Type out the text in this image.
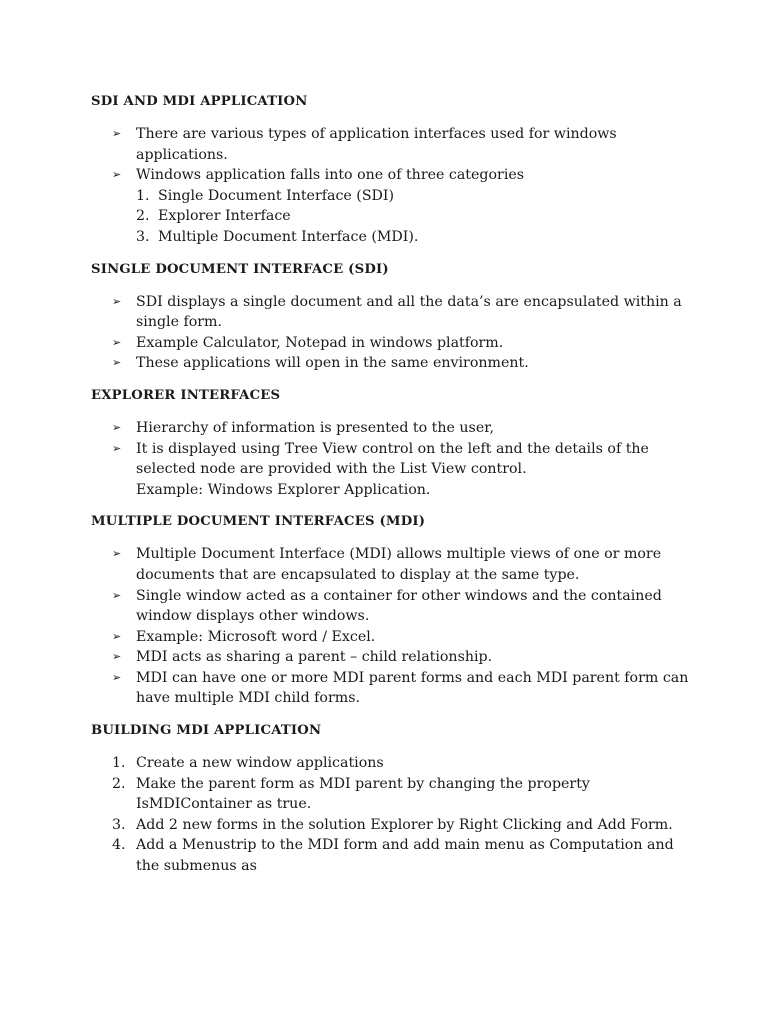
SDI AND MDI APPLICATION
➢ There are various types of application interfaces used for windows applications.
➢ Windows application falls into one of three categories
1. Single Document Interface (SDI)
2. Explorer Interface
3. Multiple Document Interface (MDI).
SINGLE DOCUMENT INTERFACE (SDI)
➢ SDI displays a single document and all the data’s are encapsulated within a single form.
➢ Example Calculator, Notepad in windows platform.
➢ These applications will open in the same environment.
EXPLORER INTERFACES
➢ Hierarchy of information is presented to the user,
➢ It is displayed using Tree View control on the left and the details of the selected node are provided with the List View control.
Example: Windows Explorer Application.
MULTIPLE DOCUMENT INTERFACES (MDI)
➢ Multiple Document Interface (MDI) allows multiple views of one or more documents that are encapsulated to display at the same type.
➢ Single window acted as a container for other windows and the contained window displays other windows.
➢ Example: Microsoft word / Excel.
➢ MDI acts as sharing a parent – child relationship.
➢ MDI can have one or more MDI parent forms and each MDI parent form can have multiple MDI child forms.
BUILDING MDI APPLICATION
1. Create a new window applications
2. Make the parent form as MDI parent by changing the property IsMDIContainer as true.
3. Add 2 new forms in the solution Explorer by Right Clicking and Add Form.
4. Add a Menustrip to the MDI form and add main menu as Computation and the submenus as
